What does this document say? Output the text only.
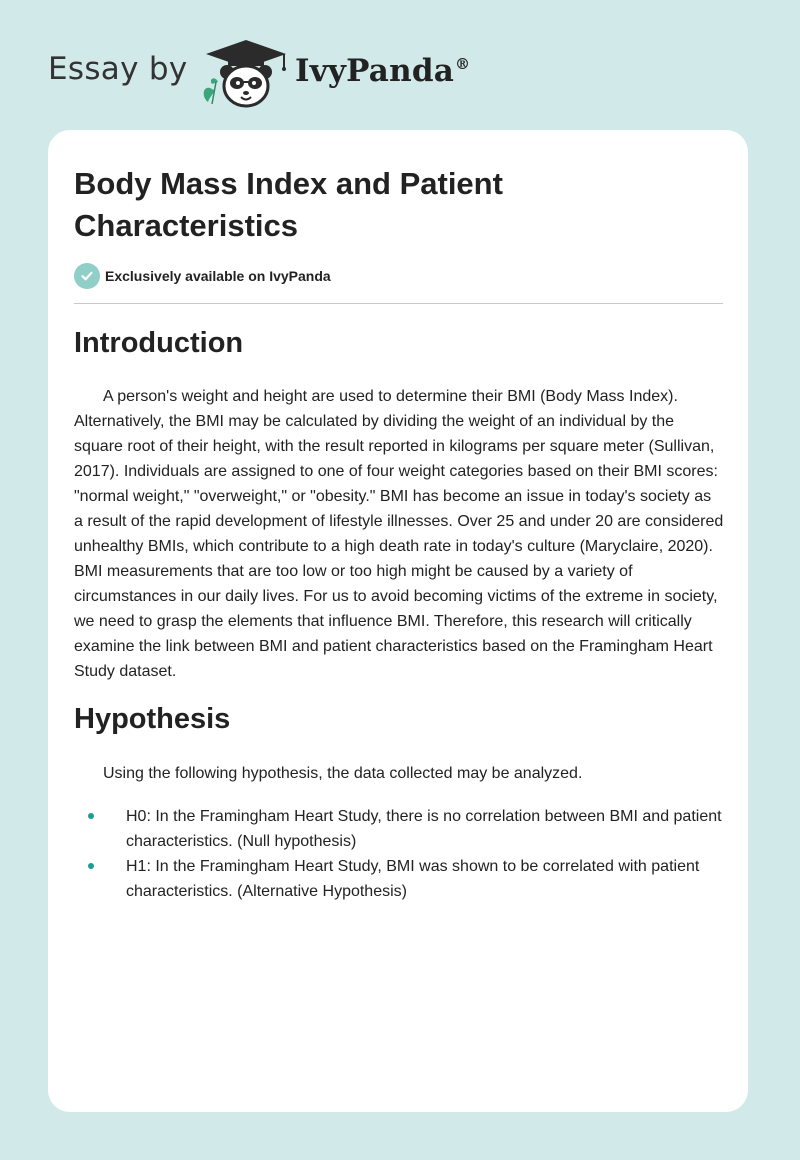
Essay by	IvyPanda®
Body Mass Index and Patient Characteristics
Exclusively available on IvyPanda
Introduction

A person's weight and height are used to determine their BMI (Body Mass Index). Alternatively, the BMI may be calculated by dividing the weight of an individual by the square root of their height, with the result reported in kilograms per square meter (Sullivan, 2017). Individuals are assigned to one of four weight categories based on their BMI scores: "normal weight," "overweight," or "obesity." BMI has become an issue in today's society as a result of the rapid development of lifestyle illnesses. Over 25 and under 20 are considered unhealthy BMIs, which contribute to a high death rate in today's culture (Maryclaire, 2020). BMI measurements that are too low or too high might be caused by a variety of circumstances in our daily lives. For us to avoid becoming victims of the extreme in society, we need to grasp the elements that influence BMI. Therefore, this research will critically examine the link between BMI and patient characteristics based on the Framingham Heart Study dataset.

Hypothesis

Using the following hypothesis, the data collected may be analyzed.

H0: In the Framingham Heart Study, there is no correlation between BMI and patient characteristics. (Null hypothesis)
H1: In the Framingham Heart Study, BMI was shown to be correlated with patient characteristics. (Alternative Hypothesis)
